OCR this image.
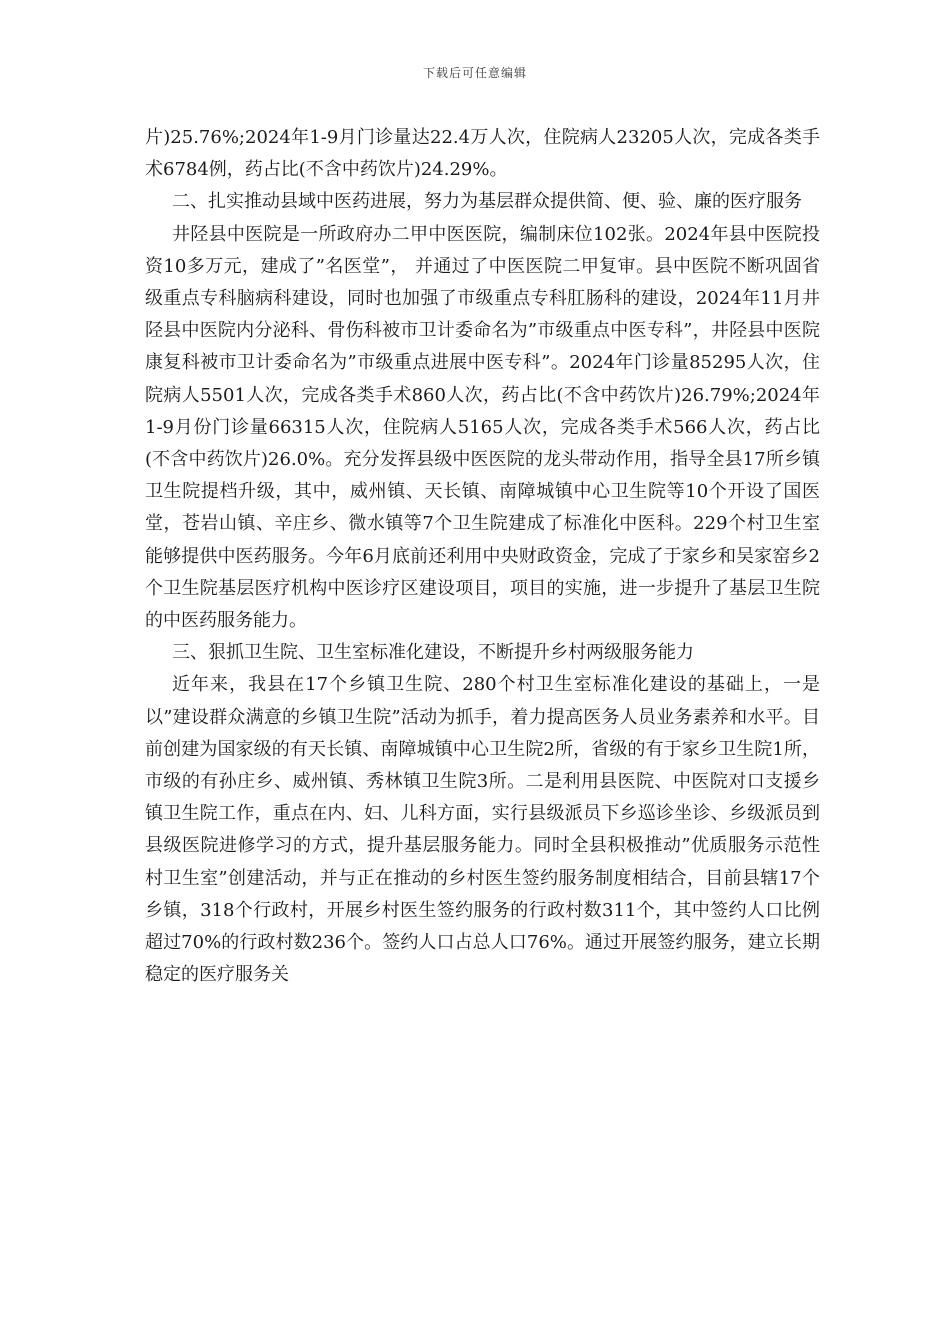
下载后可任意编辑

片)25.76%;2024年1-9月门诊量达22.4万人次，住院病人23205人次，完成各类手术6784例，药占比(不含中药饮片)24.29%。

二、扎实推动县域中医药进展，努力为基层群众提供简、便、验、廉的医疗服务

井陉县中医院是一所政府办二甲中医医院，编制床位102张。2024年县中医院投资10多万元，建成了”名医堂”， 并通过了中医医院二甲复审。县中医院不断巩固省级重点专科脑病科建设，同时也加强了市级重点专科肛肠科的建设，2024年11月井陉县中医院内分泌科、骨伤科被市卫计委命名为”市级重点中医专科”，井陉县中医院康复科被市卫计委命名为”市级重点进展中医专科”。2024年门诊量85295人次，住院病人5501人次，完成各类手术860人次，药占比(不含中药饮片)26.79%;2024年1-9月份门诊量66315人次，住院病人5165人次，完成各类手术566人次，药占比(不含中药饮片)26.0%。充分发挥县级中医医院的龙头带动作用，指导全县17所乡镇卫生院提档升级，其中，威州镇、天长镇、南障城镇中心卫生院等10个开设了国医堂，苍岩山镇、辛庄乡、微水镇等7个卫生院建成了标准化中医科。229个村卫生室能够提供中医药服务。今年6月底前还利用中央财政资金，完成了于家乡和吴家窑乡2个卫生院基层医疗机构中医诊疗区建设项目，项目的实施，进一步提升了基层卫生院的中医药服务能力。

三、狠抓卫生院、卫生室标准化建设，不断提升乡村两级服务能力

近年来，我县在17个乡镇卫生院、280个村卫生室标准化建设的基础上，一是以”建设群众满意的乡镇卫生院”活动为抓手，着力提高医务人员业务素养和水平。目前创建为国家级的有天长镇、南障城镇中心卫生院2所，省级的有于家乡卫生院1所，市级的有孙庄乡、威州镇、秀林镇卫生院3所。二是利用县医院、中医院对口支援乡镇卫生院工作，重点在内、妇、儿科方面，实行县级派员下乡巡诊坐诊、乡级派员到县级医院进修学习的方式，提升基层服务能力。同时全县积极推动”优质服务示范性村卫生室”创建活动，并与正在推动的乡村医生签约服务制度相结合，目前县辖17个乡镇，318个行政村，开展乡村医生签约服务的行政村数311个，其中签约人口比例超过70%的行政村数236个。签约人口占总人口76%。通过开展签约服务，建立长期稳定的医疗服务关
